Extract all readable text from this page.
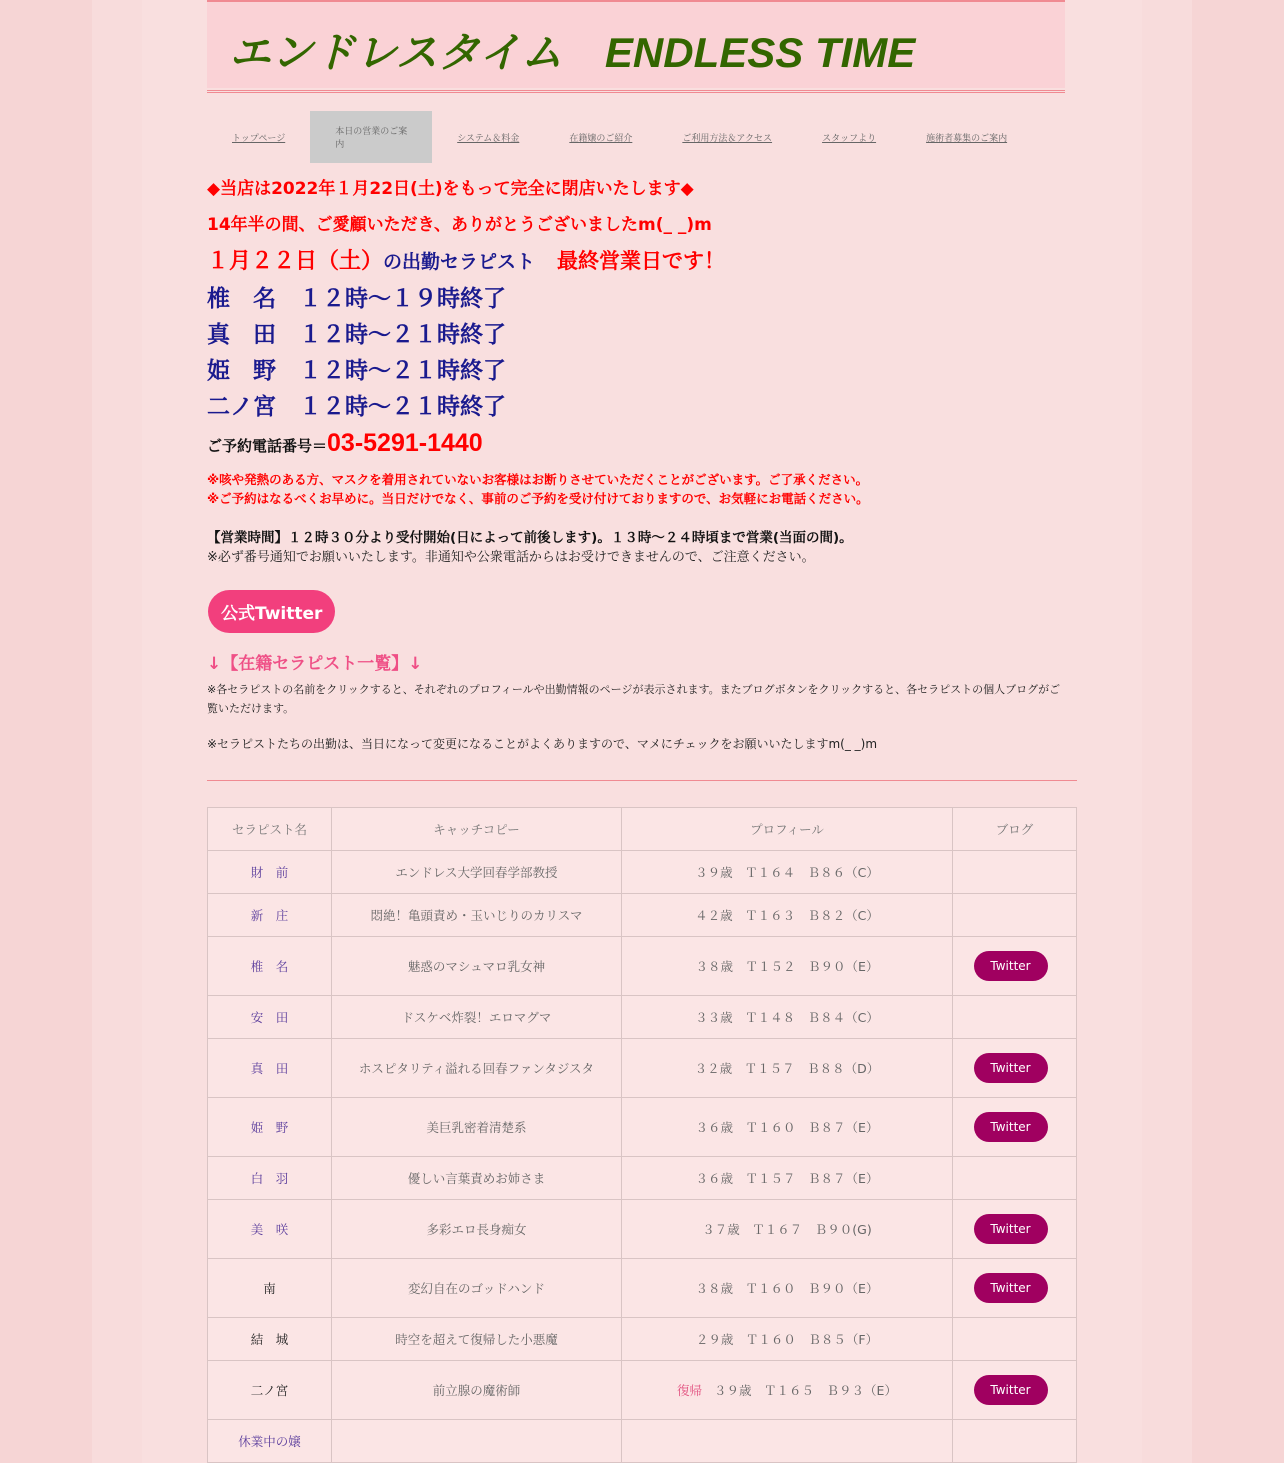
エンドレスタイム　ENDLESS TIME
トップページ
本日の営業のご案内
システム＆料金	在籍嬢のご紹介	ご利用方法＆アクセス	スタッフより	施術者募集のご案内
◆当店は2022年１月22日(土)をもって完全に閉店いたします◆
14年半の間、ご愛顧いただき、ありがとうございましたm(_ _)m
１月２２日（土）の出勤セラピスト 最終営業日です！
椎　名　１２時～１９時終了
真　田　１２時～２１時終了
姫　野　１２時～２１時終了
二ノ宮　１２時～２１時終了
ご予約電話番号＝03-5291-1440
※咳や発熱のある方、マスクを着用されていないお客様はお断りさせていただくことがございます。ご了承ください。
※ご予約はなるべくお早めに。当日だけでなく、事前のご予約を受け付けておりますので、お気軽にお電話ください。
【営業時間】１２時３０分より受付開始(日によって前後します)。１３時～２４時頃まで営業(当面の間)。
※必ず番号通知でお願いいたします。非通知や公衆電話からはお受けできませんので、ご注意ください。
公式Twitter
↓【在籍セラピスト一覧】↓
※各セラピストの名前をクリックすると、それぞれのプロフィールや出勤情報のページが表示されます。またブログボタンをクリックすると、各セラピストの個人ブログがご覧いただけます。
※セラピストたちの出勤は、当日になって変更になることがよくありますので、マメにチェックをお願いいたしますm(_ _)m
セラピスト名	キャッチコピー	プロフィール	ブログ
財　前	エンドレス大学回春学部教授	３９歳　Ｔ１６４　Ｂ８６（C）	
新　庄	悶絶！亀頭責め・玉いじりのカリスマ	４２歳　Ｔ１６３　Ｂ８２（C）	
椎　名	魅惑のマシュマロ乳女神	３８歳　Ｔ１５２　Ｂ９０（E）	Twitter
安　田	ドスケベ炸裂！エロマグマ	３３歳　Ｔ１４８　Ｂ８４（C）	
真　田	ホスピタリティ溢れる回春ファンタジスタ	３２歳　Ｔ１５７　Ｂ８８（D）	Twitter
姫　野	美巨乳密着清楚系	３６歳　Ｔ１６０　Ｂ８７（E）	Twitter
白　羽	優しい言葉責めお姉さま	３６歳　Ｔ１５７　Ｂ８７（E）	
美　咲	多彩エロ長身痴女	３７歳　Ｔ１６７　Ｂ９０(G)	Twitter
南	変幻自在のゴッドハンド	３８歳　Ｔ１６０　Ｂ９０（E）	Twitter
結　城	時空を超えて復帰した小悪魔	２９歳　Ｔ１６０　Ｂ８５（F）	
二ノ宮	前立腺の魔術師	復帰 ３９歳　Ｔ１６５　Ｂ９３（E）	Twitter
休業中の嬢			
